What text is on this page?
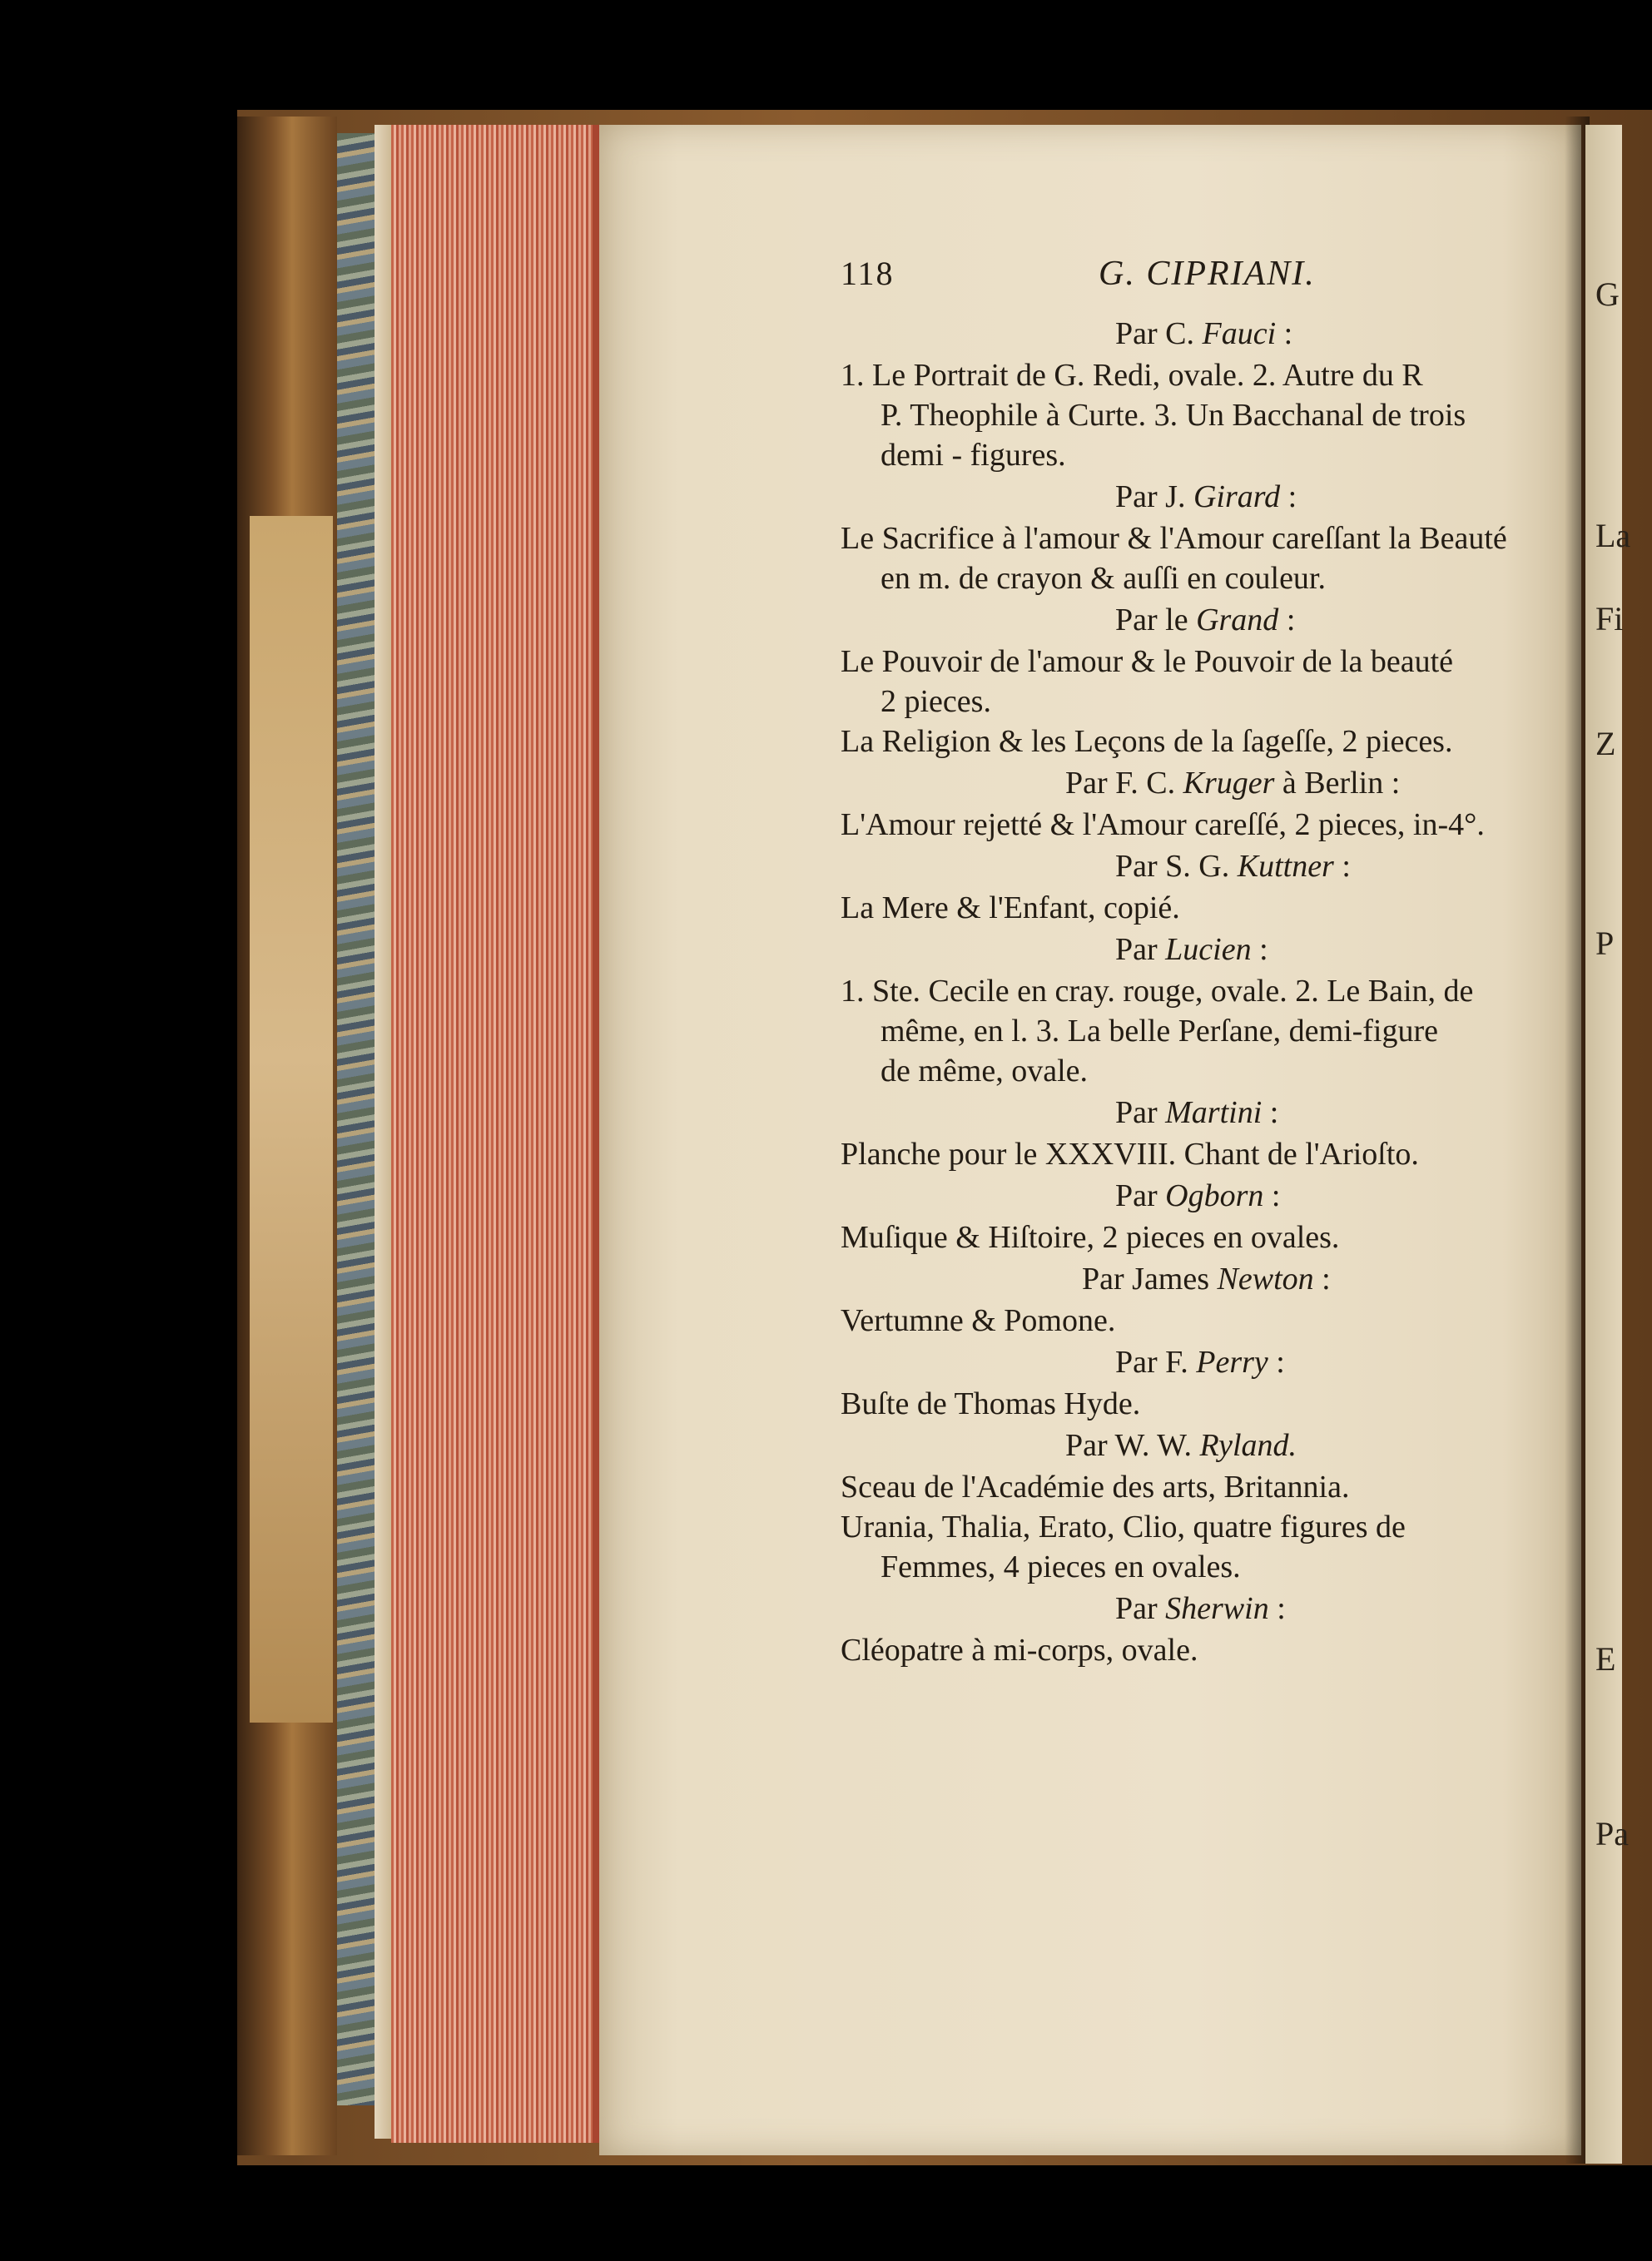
G
La
Fi
Z
P
E
Pa
118	G. CIPRIANI.
Par C. Fauci :
1. Le Portrait de G. Redi, ovale. 2. Autre du R
P. Theophile à Curte. 3. Un Bacchanal de trois
demi - figures.
Par J. Girard :
Le Sacrifice à l'amour & l'Amour careſſant la Beauté
en m. de crayon & auſſi en couleur.
Par le Grand :
Le Pouvoir de l'amour & le Pouvoir de la beauté
2 pieces.
La Religion & les Leçons de la ſageſſe, 2 pieces.
Par F. C. Kruger à Berlin :
L'Amour rejetté & l'Amour careſſé, 2 pieces, in-4°.
Par S. G. Kuttner :
La Mere & l'Enfant, copié.
Par Lucien :
1. Ste. Cecile en cray. rouge, ovale. 2. Le Bain, de
même, en l. 3. La belle Perſane, demi-figure
de même, ovale.
Par Martini :
Planche pour le XXXVIII. Chant de l'Arioſto.
Par Ogborn :
Muſique & Hiſtoire, 2 pieces en ovales.
Par James Newton :
Vertumne & Pomone.
Par F. Perry :
Buſte de Thomas Hyde.
Par W. W. Ryland.
Sceau de l'Académie des arts, Britannia.
Urania, Thalia, Erato, Clio, quatre figures de
Femmes, 4 pieces en ovales.
Par Sherwin :
Cléopatre à mi-corps, ovale.
